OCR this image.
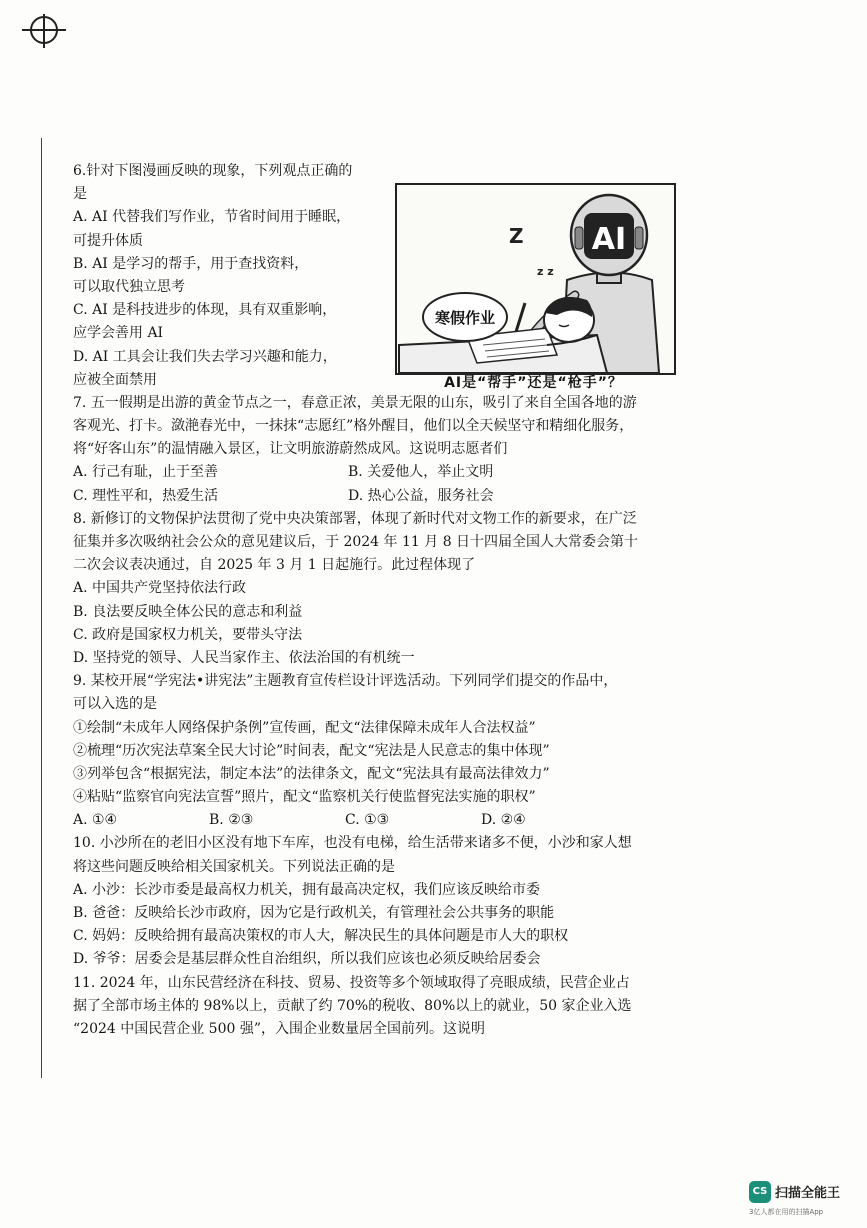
6.针对下图漫画反映的现象，下列观点正确的
是
A. AI 代替我们写作业，节省时间用于睡眠，
可提升体质
B. AI 是学习的帮手，用于查找资料，
可以取代独立思考
C. AI 是科技进步的体现，具有双重影响，
应学会善用 AI
D. AI 工具会让我们失去学习兴趣和能力，
应被全面禁用
7. 五一假期是出游的黄金节点之一，春意正浓，美景无限的山东，吸引了来自全国各地的游
客观光、打卡。潋滟春光中，一抹抹“志愿红”格外醒目，他们以全天候坚守和精细化服务，
将“好客山东”的温情融入景区，让文明旅游蔚然成风。这说明志愿者们
A. 行己有耻，止于至善	B. 关爱他人，举止文明
C. 理性平和，热爱生活	D. 热心公益，服务社会
8. 新修订的文物保护法贯彻了党中央决策部署，体现了新时代对文物工作的新要求，在广泛
征集并多次吸纳社会公众的意见建议后，于 2024 年 11 月 8 日十四届全国人大常委会第十
二次会议表决通过，自 2025 年 3 月 1 日起施行。此过程体现了
A. 中国共产党坚持依法行政
B. 良法要反映全体公民的意志和利益
C. 政府是国家权力机关，要带头守法
D. 坚持党的领导、人民当家作主、依法治国的有机统一
9. 某校开展“学宪法•讲宪法”主题教育宣传栏设计评选活动。下列同学们提交的作品中，
可以入选的是
①绘制“未成年人网络保护条例”宣传画，配文“法律保障未成年人合法权益”
②梳理“历次宪法草案全民大讨论”时间表，配文“宪法是人民意志的集中体现”
③列举包含“根据宪法，制定本法”的法律条文，配文“宪法具有最高法律效力”
④粘贴“监察官向宪法宣誓”照片，配文“监察机关行使监督宪法实施的职权”
A. ①④	B. ②③	C. ①③	D. ②④
10. 小沙所在的老旧小区没有地下车库，也没有电梯，给生活带来诸多不便，小沙和家人想
将这些问题反映给相关国家机关。下列说法正确的是
A. 小沙：长沙市委是最高权力机关，拥有最高决定权，我们应该反映给市委
B. 爸爸：反映给长沙市政府，因为它是行政机关，有管理社会公共事务的职能
C. 妈妈：反映给拥有最高决策权的市人大，解决民生的具体问题是市人大的职权
D. 爷爷：居委会是基层群众性自治组织，所以我们应该也必须反映给居委会
11. 2024 年，山东民营经济在科技、贸易、投资等多个领域取得了亮眼成绩，民营企业占
据了全部市场主体的 98%以上，贡献了约 70%的税收、80%以上的就业，50 家企业入选
“2024 中国民营企业 500 强”，入围企业数量居全国前列。这说明
AI
Z
z z
寒假作业
AI是“帮手”还是“枪手”？
CS 扫描全能王
3亿人都在用的扫描App
